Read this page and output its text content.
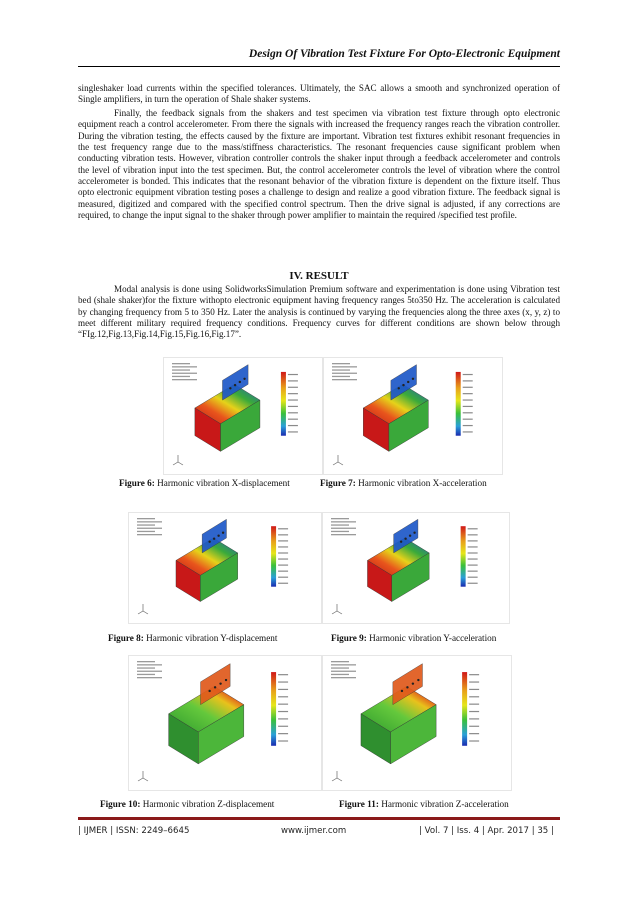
Design Of Vibration Test Fixture For Opto-Electronic Equipment

singleshaker load currents within the specified tolerances. Ultimately, the SAC allows a smooth and synchronized operation of Single amplifiers, in turn the operation of Shale shaker systems.

Finally, the feedback signals from the shakers and test specimen via vibration test fixture through opto electronic equipment reach a control accelerometer. From there the signals with increased the frequency ranges reach the vibration controller. During the vibration testing, the effects caused by the fixture are important. Vibration test fixtures exhibit resonant frequencies in the test frequency range due to the mass/stiffness characteristics. The resonant frequencies cause significant problem when conducting vibration tests. However, vibration controller controls the shaker input through a feedback accelerometer and controls the level of vibration input into the test specimen. But, the control accelerometer controls the level of vibration where the control accelerometer is bonded. This indicates that the resonant behavior of the vibration fixture is dependent on the fixture itself. Thus opto electronic equipment vibration testing poses a challenge to design and realize a good vibration fixture. The feedback signal is measured, digitized and compared with the specified control spectrum. Then the drive signal is adjusted, if any corrections are required, to change the input signal to the shaker through power amplifier to maintain the required /specified test profile.

IV. RESULT

Modal analysis is done using SolidworksSimulation Premium software and experimentation is done using Vibration test bed (shale shaker)for the fixture withopto electronic equipment having frequency ranges 5to350 Hz. The acceleration is calculated by changing frequency from 5 to 350 Hz. Later the analysis is continued by varying the frequencies along the three axes (x, y, z) to meet different military required frequency conditions. Frequency curves for different conditions are shown below through “FIg.12,Fig.13,Fig.14,Fig.15,Fig.16,Fig.17”.

Figure 6: Harmonic vibration X-displacement	Figure 7: Harmonic vibration X-acceleration
Figure 8: Harmonic vibration Y-displacement	Figure 9: Harmonic vibration Y-acceleration
Figure 10: Harmonic vibration Z-displacement	Figure 11: Harmonic vibration Z-acceleration
| IJMER | ISSN: 2249–6645	www.ijmer.com	| Vol. 7 | Iss. 4 | Apr. 2017 | 35 |
